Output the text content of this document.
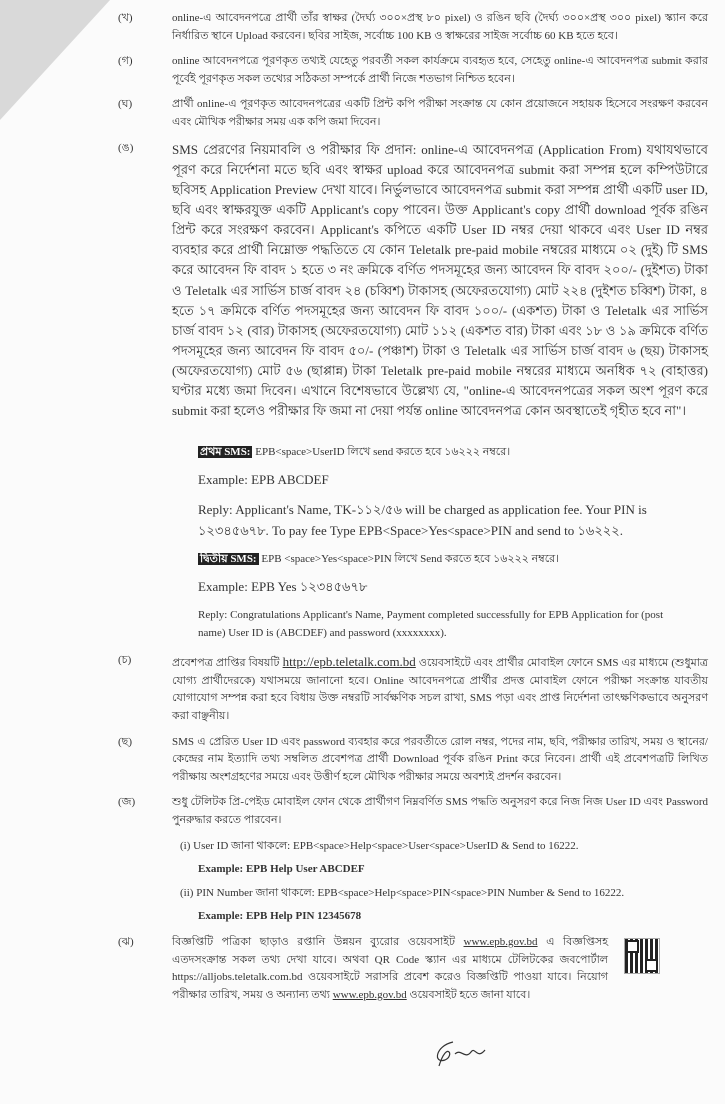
(খ)	online-এ আবেদনপত্রে প্রার্থী তাঁর স্বাক্ষর (দৈর্ঘ্য ৩০০×প্রস্থ ৮০ pixel) ও রঙিন ছবি (দৈর্ঘ্য ৩০০×প্রস্থ ৩০০ pixel) স্ক্যান করে নির্ধারিত স্থানে Upload করবেন। ছবির সাইজ, সর্বোচ্চ 100 KB ও স্বাক্ষরের সাইজ সর্বোচ্চ 60 KB হতে হবে।
(গ)	online আবেদনপত্রে পূরণকৃত তথ্যই যেহেতু পরবর্তী সকল কার্যক্রমে ব্যবহৃত হবে, সেহেতু online-এ আবেদনপত্র submit করার পূর্বেই পূরণকৃত সকল তথ্যের সঠিকতা সম্পর্কে প্রার্থী নিজে শতভাগ নিশ্চিত হবেন।
(ঘ)	প্রার্থী online-এ পূরণকৃত আবেদনপত্রের একটি প্রিন্ট কপি পরীক্ষা সংক্রান্ত যে কোন প্রয়োজনে সহায়ক হিসেবে সংরক্ষণ করবেন এবং মৌখিক পরীক্ষার সময় এক কপি জমা দিবেন।
(ঙ)	SMS প্রেরণের নিয়মাবলি ও পরীক্ষার ফি প্রদান: online-এ আবেদনপত্র (Application From) যথাযথভাবে পূরণ করে নির্দেশনা মতে ছবি এবং স্বাক্ষর upload করে আবেদনপত্র submit করা সম্পন্ন হলে কম্পিউটারে ছবিসহ Application Preview দেখা যাবে। নির্ভুলভাবে আবেদনপত্র submit করা সম্পন্ন প্রার্থী একটি user ID, ছবি এবং স্বাক্ষরযুক্ত একটি Applicant's copy পাবেন। উক্ত Applicant's copy প্রার্থী download পূর্বক রঙিন প্রিন্ট করে সংরক্ষণ করবেন। Applicant's কপিতে একটি User ID নম্বর দেয়া থাকবে এবং User ID নম্বর ব্যবহার করে প্রার্থী নিম্নোক্ত পদ্ধতিতে যে কোন Teletalk pre-paid mobile নম্বরের মাধ্যমে ০২ (দুই) টি SMS করে আবেদন ফি বাবদ ১ হতে ৩ নং ক্রমিকে বর্ণিত পদসমূহের জন্য আবেদন ফি বাবদ ২০০/- (দুইশত) টাকা ও Teletalk এর সার্ভিস চার্জ বাবদ ২৪ (চব্বিশ) টাকাসহ (অফেরতযোগ্য) মোট ২২৪ (দুইশত চব্বিশ) টাকা, ৪ হতে ১৭ ক্রমিকে বর্ণিত পদসমূহের জন্য আবেদন ফি বাবদ ১০০/- (একশত) টাকা ও Teletalk এর সার্ভিস চার্জ বাবদ ১২ (বার) টাকাসহ (অফেরতযোগ্য) মোট ১১২ (একশত বার) টাকা এবং ১৮ ও ১৯ ক্রমিকে বর্ণিত পদসমূহের জন্য আবেদন ফি বাবদ ৫০/- (পঞ্চাশ) টাকা ও Teletalk এর সার্ভিস চার্জ বাবদ ৬ (ছয়) টাকাসহ (অফেরতযোগ্য) মোট ৫৬ (ছাপ্পান্ন) টাকা Teletalk pre-paid mobile নম্বরের মাধ্যমে অনধিক ৭২ (বাহাত্তর) ঘণ্টার মধ্যে জমা দিবেন। এখানে বিশেষভাবে উল্লেখ্য যে, "online-এ আবেদনপত্রের সকল অংশ পূরণ করে submit করা হলেও পরীক্ষার ফি জমা না দেয়া পর্যন্ত online আবেদনপত্র কোন অবস্থাতেই গৃহীত হবে না"।

প্রথম SMS: EPB<space>UserID লিখে send করতে হবে ১৬২২২ নম্বরে।

Example: EPB ABCDEF

Reply: Applicant's Name, TK-১১২/৫৬ will be charged as application fee. Your PIN is ১২৩৪৫৬৭৮. To pay fee Type EPB<Space>Yes<space>PIN and send to ১৬২২২.

দ্বিতীয় SMS: EPB <space>Yes<space>PIN লিখে Send করতে হবে ১৬২২২ নম্বরে।

Example: EPB Yes ১২৩৪৫৬৭৮

Reply: Congratulations Applicant's Name, Payment completed successfully for EPB Application for (post name) User ID is (ABCDEF) and password (xxxxxxxx).

(চ)	প্রবেশপত্র প্রাপ্তির বিষয়টি http://epb.teletalk.com.bd ওয়েবসাইটে এবং প্রার্থীর মোবাইল ফোনে SMS এর মাধ্যমে (শুধুমাত্র যোগ্য প্রার্থীদেরকে) যথাসময়ে জানানো হবে। Online আবেদনপত্রে প্রার্থীর প্রদত্ত মোবাইল ফোনে পরীক্ষা সংক্রান্ত যাবতীয় যোগাযোগ সম্পন্ন করা হবে বিধায় উক্ত নম্বরটি সার্বক্ষণিক সচল রাখা, SMS পড়া এবং প্রাপ্ত নির্দেশনা তাৎক্ষণিকভাবে অনুসরণ করা বাঞ্ছনীয়।
(ছ)	SMS এ প্রেরিত User ID এবং password ব্যবহার করে পরবর্তীতে রোল নম্বর, পদের নাম, ছবি, পরীক্ষার তারিখ, সময় ও স্থানের/কেন্দ্রের নাম ইত্যাদি তথ্য সম্বলিত প্রবেশপত্র প্রার্থী Download পূর্বক রঙিন Print করে নিবেন। প্রার্থী এই প্রবেশপত্রটি লিখিত পরীক্ষায় অংশগ্রহণের সময়ে এবং উত্তীর্ণ হলে মৌখিক পরীক্ষার সময়ে অবশ্যই প্রদর্শন করবেন।
(জ)	শুধু টেলিটক প্রি-পেইড মোবাইল ফোন থেকে প্রার্থীগণ নিম্নবর্ণিত SMS পদ্ধতি অনুসরণ করে নিজ নিজ User ID এবং Password পুনরুদ্ধার করতে পারবেন।
(i) User ID জানা থাকলে: EPB<space>Help<space>User<space>UserID & Send to 16222.
Example: EPB Help User ABCDEF
(ii) PIN Number জানা থাকলে: EPB<space>Help<space>PIN<space>PIN Number & Send to 16222.
Example: EPB Help PIN 12345678
(ঝ)	বিজ্ঞপ্তিটি পত্রিকা ছাড়াও রপ্তানি উন্নয়ন ব্যুরোর ওয়েবসাইট www.epb.gov.bd এ বিজ্ঞপ্তিসহ এতদসংক্রান্ত সকল তথ্য দেখা যাবে। অথবা QR Code স্ক্যান এর মাধ্যমে টেলিটকের জবপোর্টাল https://alljobs.teletalk.com.bd ওয়েবসাইটে সরাসরি প্রবেশ করেও বিজ্ঞপ্তিটি পাওয়া যাবে। নিয়োগ পরীক্ষার তারিখ, সময় ও অন্যান্য তথ্য www.epb.gov.bd ওয়েবসাইট হতে জানা যাবে।
